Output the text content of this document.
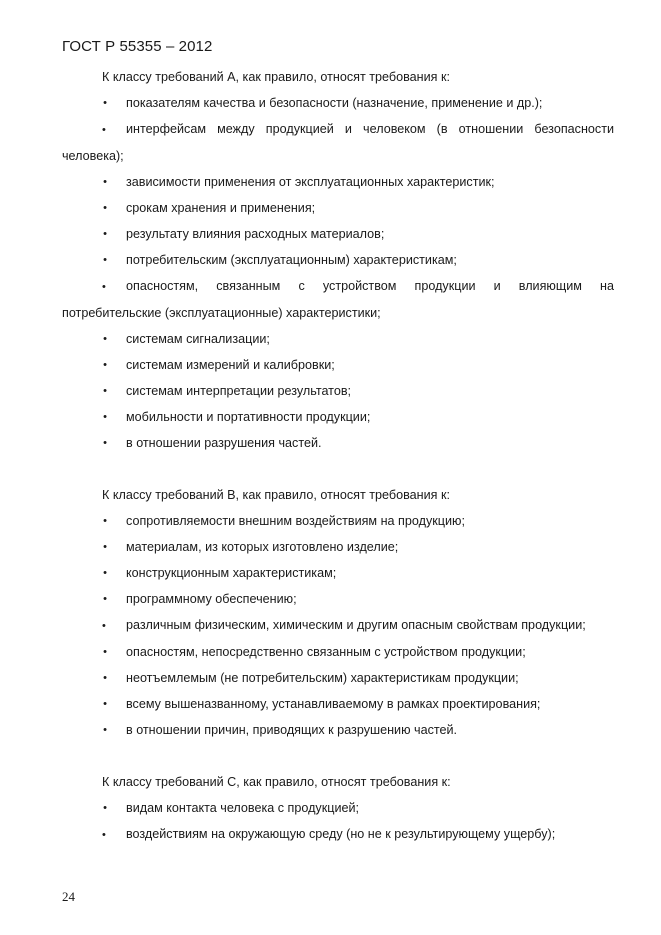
ГОСТ Р 55355 – 2012
К классу требований А, как правило, относят требования к:
• показателям качества и безопасности (назначение, применение и др.);
• интерфейсам между продукцией и человеком (в отношении безопасности человека);
• зависимости применения от эксплуатационных характеристик;
• срокам хранения и применения;
• результату влияния расходных материалов;
• потребительским (эксплуатационным) характеристикам;
• опасностям, связанным с устройством продукции и влияющим на потребительские (эксплуатационные) характеристики;
• системам сигнализации;
• системам измерений и калибровки;
• системам интерпретации результатов;
• мобильности и портативности продукции;
• в отношении разрушения частей.
К классу требований В, как правило, относят требования к:
• сопротивляемости внешним воздействиям на продукцию;
• материалам, из которых изготовлено изделие;
• конструкционным характеристикам;
• программному обеспечению;
• различным физическим, химическим и другим опасным свойствам продукции;
• опасностям, непосредственно связанным с устройством продукции;
• неотъемлемым (не потребительским) характеристикам продукции;
• всему вышеназванному, устанавливаемому в рамках проектирования;
• в отношении причин, приводящих к разрушению частей.
К классу требований С, как правило, относят требования к:
• видам контакта человека с продукцией;
• воздействиям на окружающую среду (но не к результирующему ущербу);
24
